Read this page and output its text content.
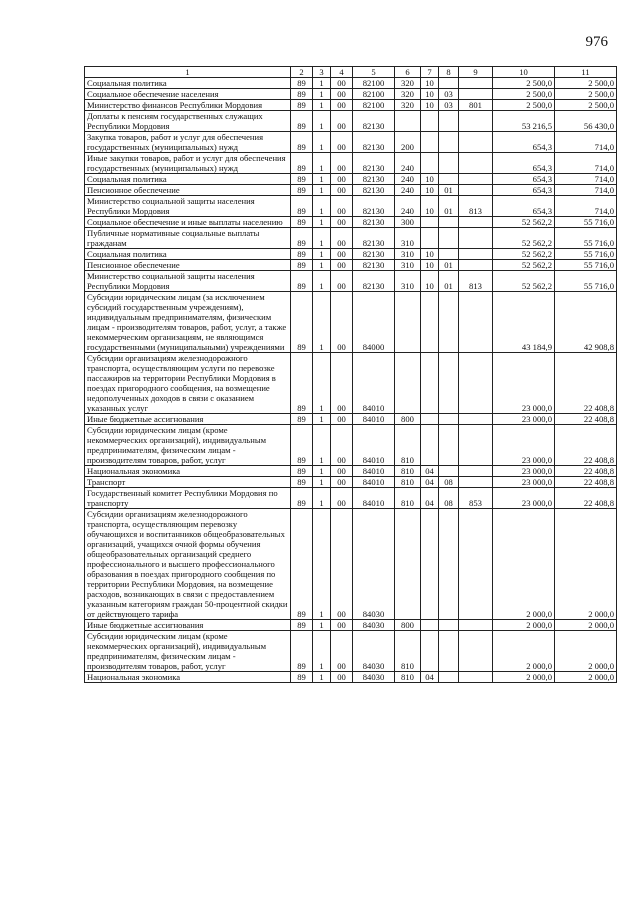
976
1	2	3	4	5	6	7	8	9	10	11
Социальная политика	89	1	00	82100	320	10			2 500,0	2 500,0
Социальное обеспечение населения	89	1	00	82100	320	10	03		2 500,0	2 500,0
Министерство финансов Республики Мордовия	89	1	00	82100	320	10	03	801	2 500,0	2 500,0
Доплаты к пенсиям государственных служащих Республики Мордовия	89	1	00	82130					53 216,5	56 430,0
Закупка товаров, работ и услуг для обеспечения государственных (муниципальных) нужд	89	1	00	82130	200				654,3	714,0
Иные закупки товаров, работ и услуг для обеспечения государственных (муниципальных) нужд	89	1	00	82130	240				654,3	714,0
Социальная политика	89	1	00	82130	240	10			654,3	714,0
Пенсионное обеспечение	89	1	00	82130	240	10	01		654,3	714,0
Министерство социальной защиты населения Республики Мордовия	89	1	00	82130	240	10	01	813	654,3	714,0
Социальное обеспечение и иные выплаты населению	89	1	00	82130	300				52 562,2	55 716,0
Публичные нормативные социальные выплаты гражданам	89	1	00	82130	310				52 562,2	55 716,0
Социальная политика	89	1	00	82130	310	10			52 562,2	55 716,0
Пенсионное обеспечение	89	1	00	82130	310	10	01		52 562,2	55 716,0
Министерство социальной защиты населения Республики Мордовия	89	1	00	82130	310	10	01	813	52 562,2	55 716,0
Субсидии юридическим лицам (за исключением субсидий государственным учреждениям), индивидуальным предпринимателям, физическим лицам - производителям товаров, работ, услуг, а также некоммерческим организациям, не являющимся государственными (муниципальными) учреждениями	89	1	00	84000					43 184,9	42 908,8
Субсидии организациям железнодорожного транспорта, осуществляющим услуги по перевозке пассажиров на территории Республики Мордовия в поездах пригородного сообщения, на возмещение недополученных доходов в связи с оказанием указанных услуг	89	1	00	84010					23 000,0	22 408,8
Иные бюджетные ассигнования	89	1	00	84010	800				23 000,0	22 408,8
Субсидии юридическим лицам (кроме некоммерческих организаций), индивидуальным предпринимателям, физическим лицам - производителям товаров, работ, услуг	89	1	00	84010	810				23 000,0	22 408,8
Национальная экономика	89	1	00	84010	810	04			23 000,0	22 408,8
Транспорт	89	1	00	84010	810	04	08		23 000,0	22 408,8
Государственный комитет Республики Мордовия по транспорту	89	1	00	84010	810	04	08	853	23 000,0	22 408,8
Субсидии организациям железнодорожного транспорта, осуществляющим перевозку обучающихся и воспитанников общеобразовательных организаций, учащихся очной формы обучения общеобразовательных организаций среднего профессионального и высшего профессионального образования в поездах пригородного сообщения по территории Республики Мордовия, на возмещение расходов, возникающих в связи с предоставлением указанным категориям граждан 50-процентной скидки от действующего тарифа	89	1	00	84030					2 000,0	2 000,0
Иные бюджетные ассигнования	89	1	00	84030	800				2 000,0	2 000,0
Субсидии юридическим лицам (кроме некоммерческих организаций), индивидуальным предпринимателям, физическим лицам - производителям товаров, работ, услуг	89	1	00	84030	810				2 000,0	2 000,0
Национальная экономика	89	1	00	84030	810	04			2 000,0	2 000,0
